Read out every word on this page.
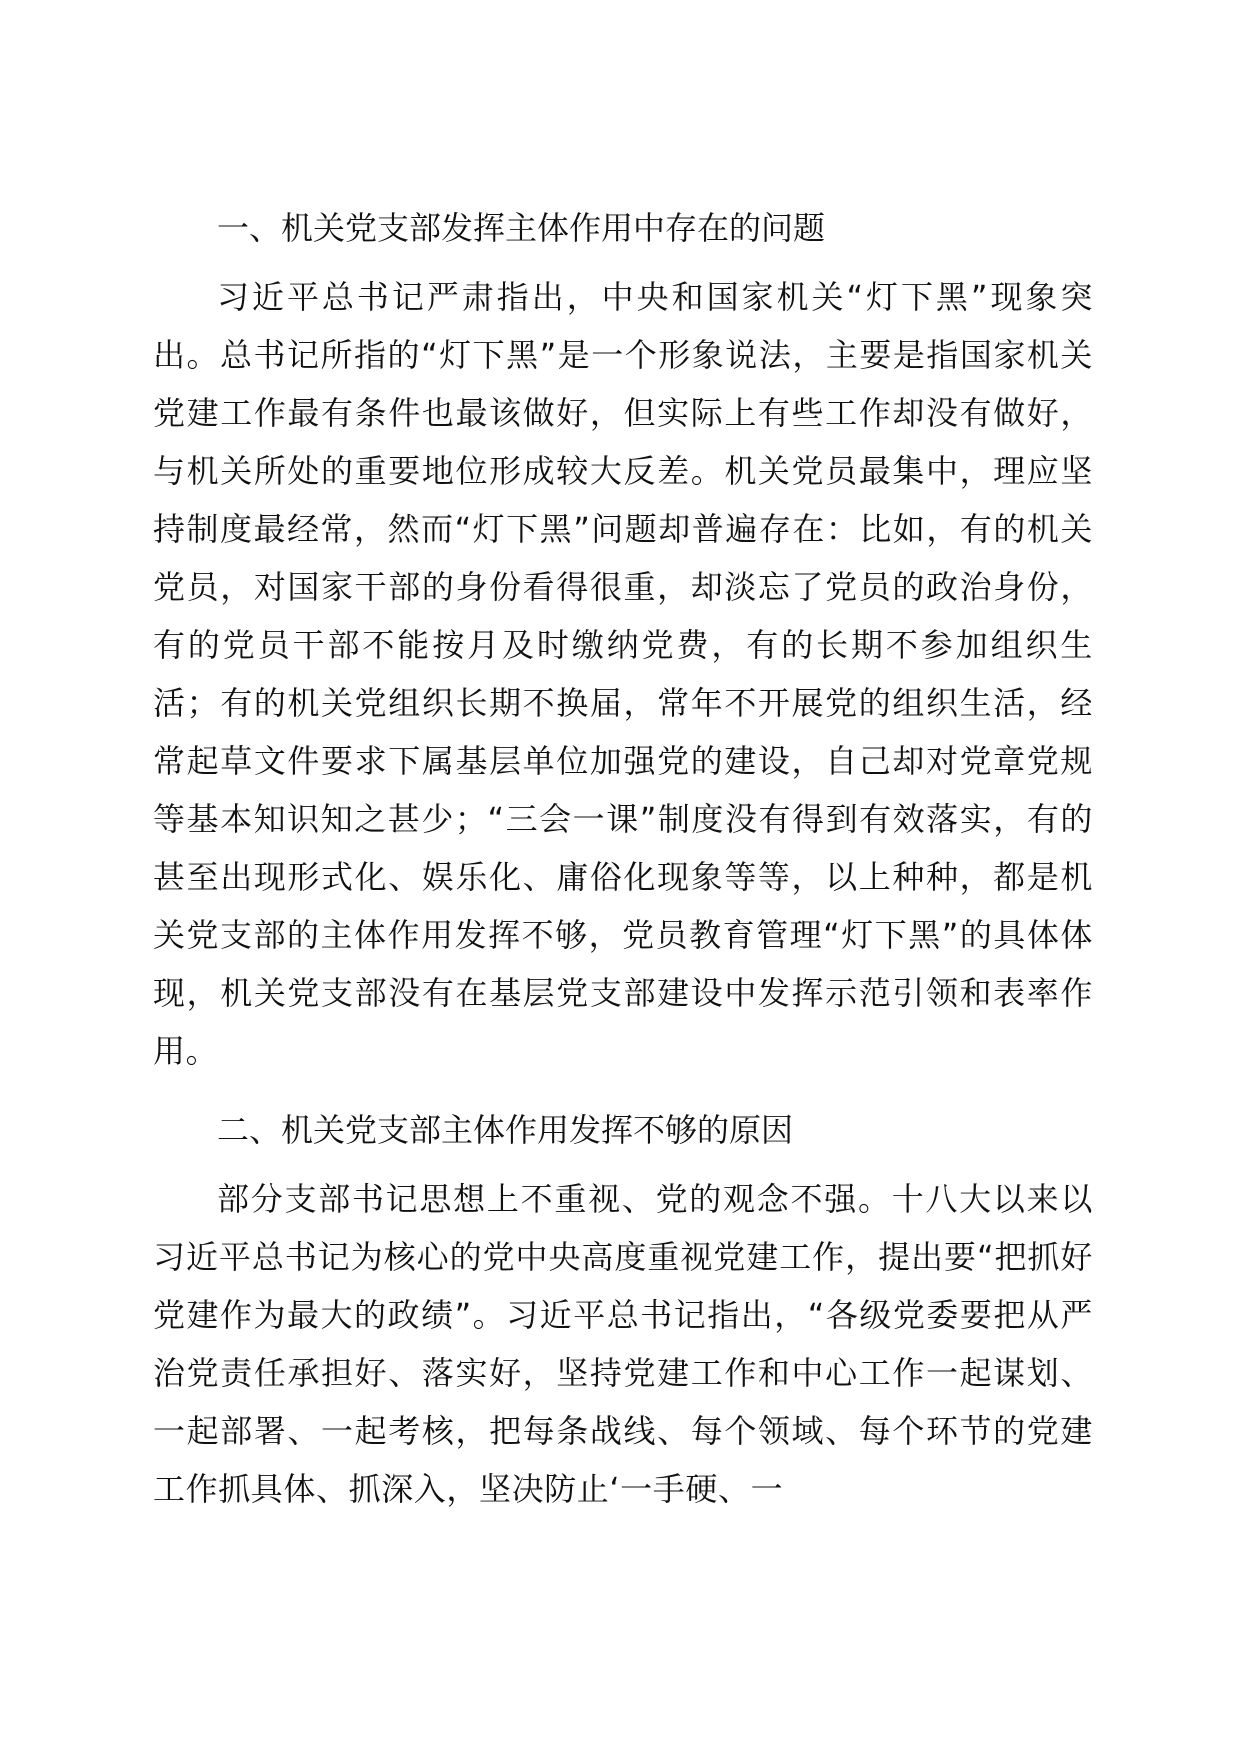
一、机关党支部发挥主体作用中存在的问题

习近平总书记严肃指出，中央和国家机关“灯下黑”现象突出。总书记所指的“灯下黑”是一个形象说法，主要是指国家机关党建工作最有条件也最该做好，但实际上有些工作却没有做好，与机关所处的重要地位形成较大反差。机关党员最集中，理应坚持制度最经常，然而“灯下黑”问题却普遍存在：比如，有的机关党员，对国家干部的身份看得很重，却淡忘了党员的政治身份，有的党员干部不能按月及时缴纳党费，有的长期不参加组织生活；有的机关党组织长期不换届，常年不开展党的组织生活，经常起草文件要求下属基层单位加强党的建设，自己却对党章党规等基本知识知之甚少；“三会一课”制度没有得到有效落实，有的甚至出现形式化、娱乐化、庸俗化现象等等，以上种种，都是机关党支部的主体作用发挥不够，党员教育管理“灯下黑”的具体体现，机关党支部没有在基层党支部建设中发挥示范引领和表率作用。

二、机关党支部主体作用发挥不够的原因

部分支部书记思想上不重视、党的观念不强。十八大以来以习近平总书记为核心的党中央高度重视党建工作，提出要“把抓好党建作为最大的政绩”。习近平总书记指出，“各级党委要把从严治党责任承担好、落实好，坚持党建工作和中心工作一起谋划、一起部署、一起考核，把每条战线、每个领域、每个环节的党建工作抓具体、抓深入，坚决防止‘一手硬、一
